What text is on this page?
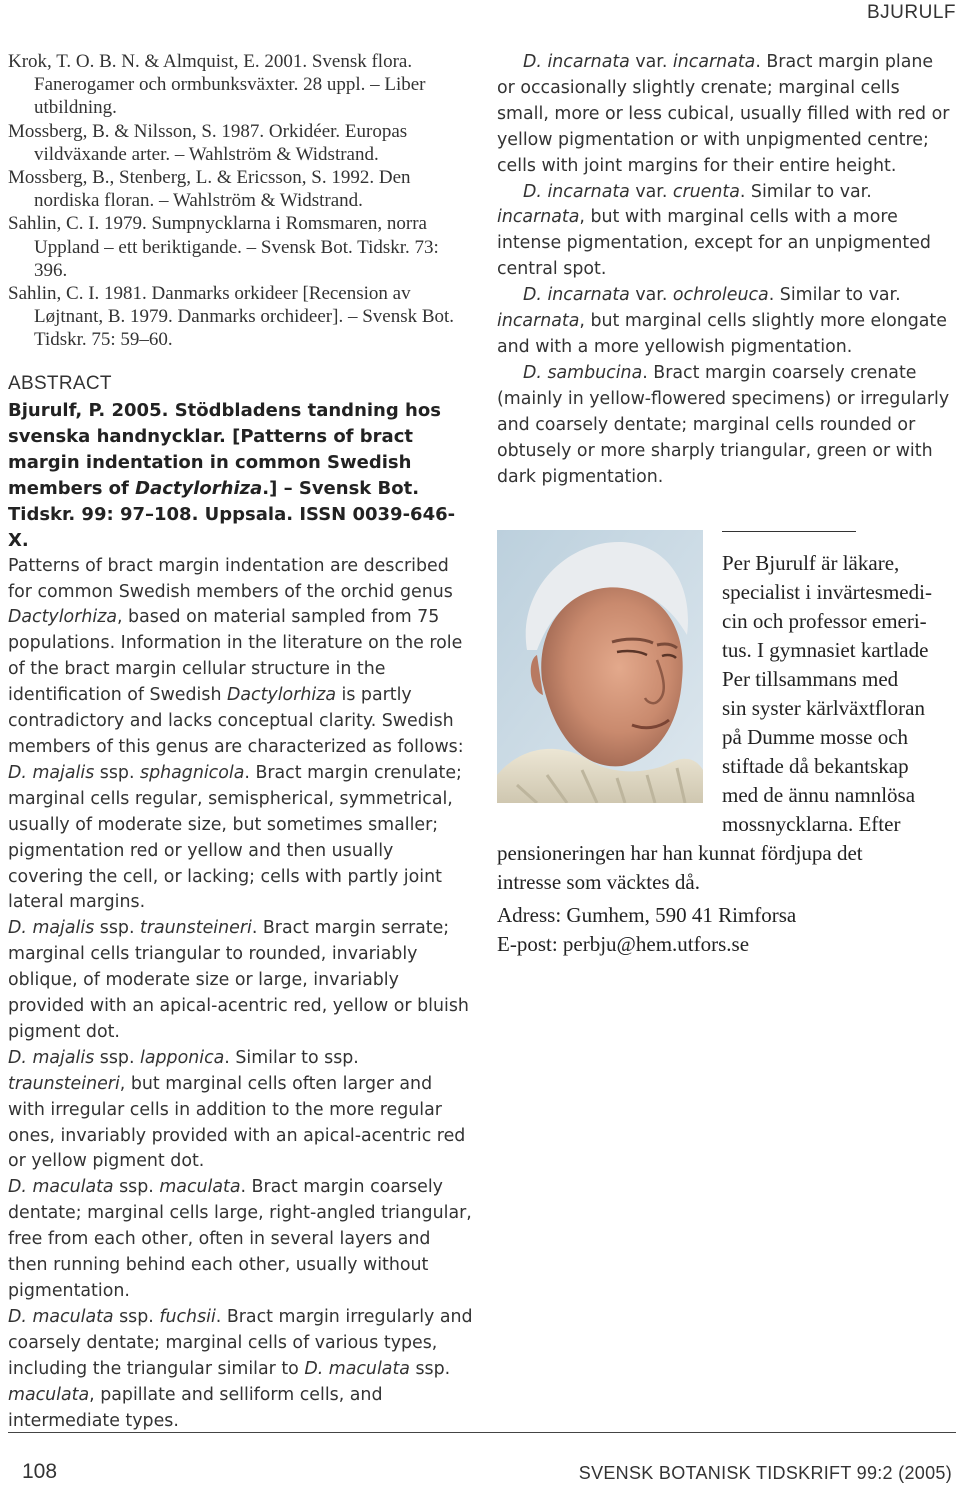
BJURULF
Krok, T. O. B. N. & Almquist, E. 2001. Svensk flora. Fanerogamer och ormbunksväxter. 28 uppl. – Liber utbildning.
Mossberg, B. & Nilsson, S. 1987. Orkidéer. Europas vildväxande arter. – Wahlström & Widstrand.
Mossberg, B., Stenberg, L. & Ericsson, S. 1992. Den nordiska floran. – Wahlström & Widstrand.
Sahlin, C. I. 1979. Sumpnycklarna i Romsmaren, norra Uppland – ett beriktigande. – Svensk Bot. Tidskr. 73: 396.
Sahlin, C. I. 1981. Danmarks orkideer [Recension av Løjtnant, B. 1979. Danmarks orchideer]. – Svensk Bot. Tidskr. 75: 59–60.
ABSTRACT
Bjurulf, P. 2005. Stödbladens tandning hos svenska handnycklar. [Patterns of bract margin indentation in common Swedish members of Dactylorhiza.] – Svensk Bot. Tidskr. 99: 97–108. Uppsala. ISSN 0039-646-X.

Patterns of bract margin indentation are described for common Swedish members of the orchid genus Dactylorhiza, based on material sampled from 75 populations. Information in the literature on the role of the bract margin cellular structure in the identification of Swedish Dactylorhiza is partly contradictory and lacks conceptual clarity. Swedish members of this genus are characterized as follows:

D. majalis ssp. sphagnicola. Bract margin crenulate; marginal cells regular, semispherical, symmetrical, usually of moderate size, but sometimes smaller; pigmentation red or yellow and then usually covering the cell, or lacking; cells with partly joint lateral margins.

D. majalis ssp. traunsteineri. Bract margin serrate; marginal cells triangular to rounded, invariably oblique, of moderate size or large, invariably provided with an apical-acentric red, yellow or bluish pigment dot.

D. majalis ssp. lapponica. Similar to ssp. traunsteineri, but marginal cells often larger and with irregular cells in addition to the more regular ones, invariably provided with an apical-acentric red or yellow pigment dot.

D. maculata ssp. maculata. Bract margin coarsely dentate; marginal cells large, right-angled triangular, free from each other, often in several layers and then running behind each other, usually without pigmentation.

D. maculata ssp. fuchsii. Bract margin irregularly and coarsely dentate; marginal cells of various types, including the triangular similar to D. maculata ssp. maculata, papillate and selliform cells, and intermediate types.

D. incarnata var. incarnata. Bract margin plane or occasionally slightly crenate; marginal cells small, more or less cubical, usually filled with red or yellow pigmentation or with unpigmented centre; cells with joint margins for their entire height.

D. incarnata var. cruenta. Similar to var. incarnata, but with marginal cells with a more intense pigmentation, except for an unpigmented central spot.

D. incarnata var. ochroleuca. Similar to var. incarnata, but marginal cells slightly more elongate and with a more yellowish pigmentation.

D. sambucina. Bract margin coarsely crenate (mainly in yellow-flowered specimens) or irregularly and coarsely dentate; marginal cells rounded or obtusely or more sharply triangular, green or with dark pigmentation.

Per Bjurulf är läkare,
specialist i invärtesmedi-
cin och professor emeri-
tus. I gymnasiet kartlade
Per tillsammans med
sin syster kärlväxtfloran
på Dumme mosse och
stiftade då bekantskap
med de ännu namnlösa
mossnycklarna. Efter
pensioneringen har han kunnat fördjupa det
intresse som väcktes då.
Adress: Gumhem, 590 41 Rimforsa
E-post: perbju@hem.utfors.se
108	SVENSK BOTANISK TIDSKRIFT 99:2 (2005)
